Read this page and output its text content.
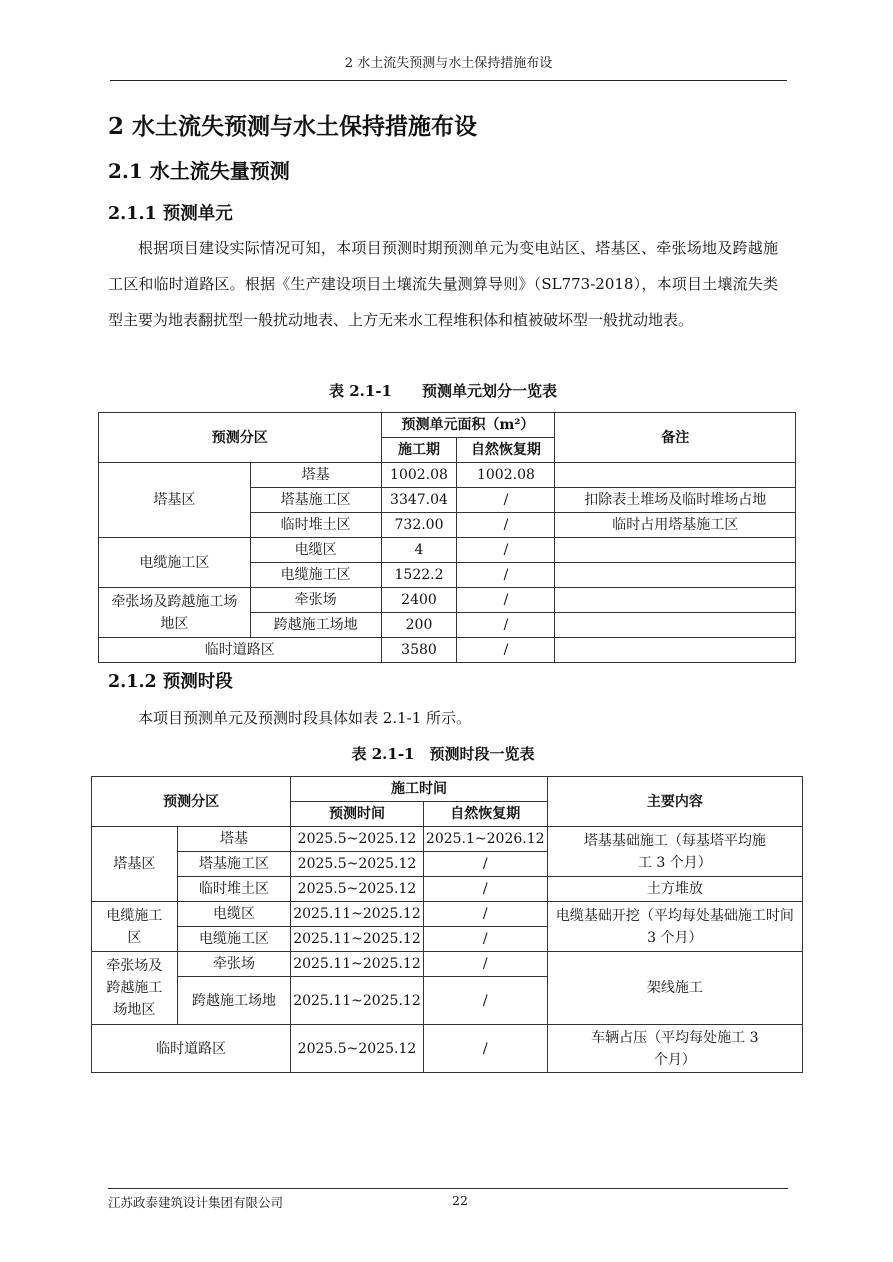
2 水土流失预测与水土保持措施布设
2 水土流失预测与水土保持措施布设
2.1 水土流失量预测
2.1.1 预测单元

根据项目建设实际情况可知，本项目预测时期预测单元为变电站区、塔基区、牵张场地及跨越施工区和临时道路区。根据《生产建设项目土壤流失量测算导则》（SL773-2018），本项目土壤流失类型主要为地表翻扰型一般扰动地表、上方无来水工程堆积体和植被破坏型一般扰动地表。

表 2.1-1　　预测单元划分一览表
预测分区		预测单元面积（m²）		备注
		施工期	自然恢复期	
塔基区	塔基	1002.08	1002.08	
	塔基施工区	3347.04	/	扣除表土堆场及临时堆场占地
	临时堆土区	732.00	/	临时占用塔基施工区
电缆施工区	电缆区	4	/	
	电缆施工区	1522.2	/	
牵张场及跨越施工场地区	牵张场	2400	/	
	跨越施工场地	200	/	
临时道路区		3580	/	
2.1.2 预测时段

本项目预测单元及预测时段具体如表 2.1-1 所示。

表 2.1-1　预测时段一览表
预测分区		施工时间		主要内容
		预测时间	自然恢复期	
塔基区	塔基	2025.5~2025.12	2025.1~2026.12	塔基基础施工（每基塔平均施工 3 个月）
	塔基施工区	2025.5~2025.12	/	
	临时堆土区	2025.5~2025.12	/	土方堆放
电缆施工区	电缆区	2025.11~2025.12	/	电缆基础开挖（平均每处基础施工时间 3 个月）
	电缆施工区	2025.11~2025.12	/	
牵张场及跨越施工场地区	牵张场	2025.11~2025.12	/	架线施工
	跨越施工场地	2025.11~2025.12	/	
临时道路区		2025.5~2025.12	/	车辆占压（平均每处施工 3 个月）
江苏政泰建筑设计集团有限公司	22
